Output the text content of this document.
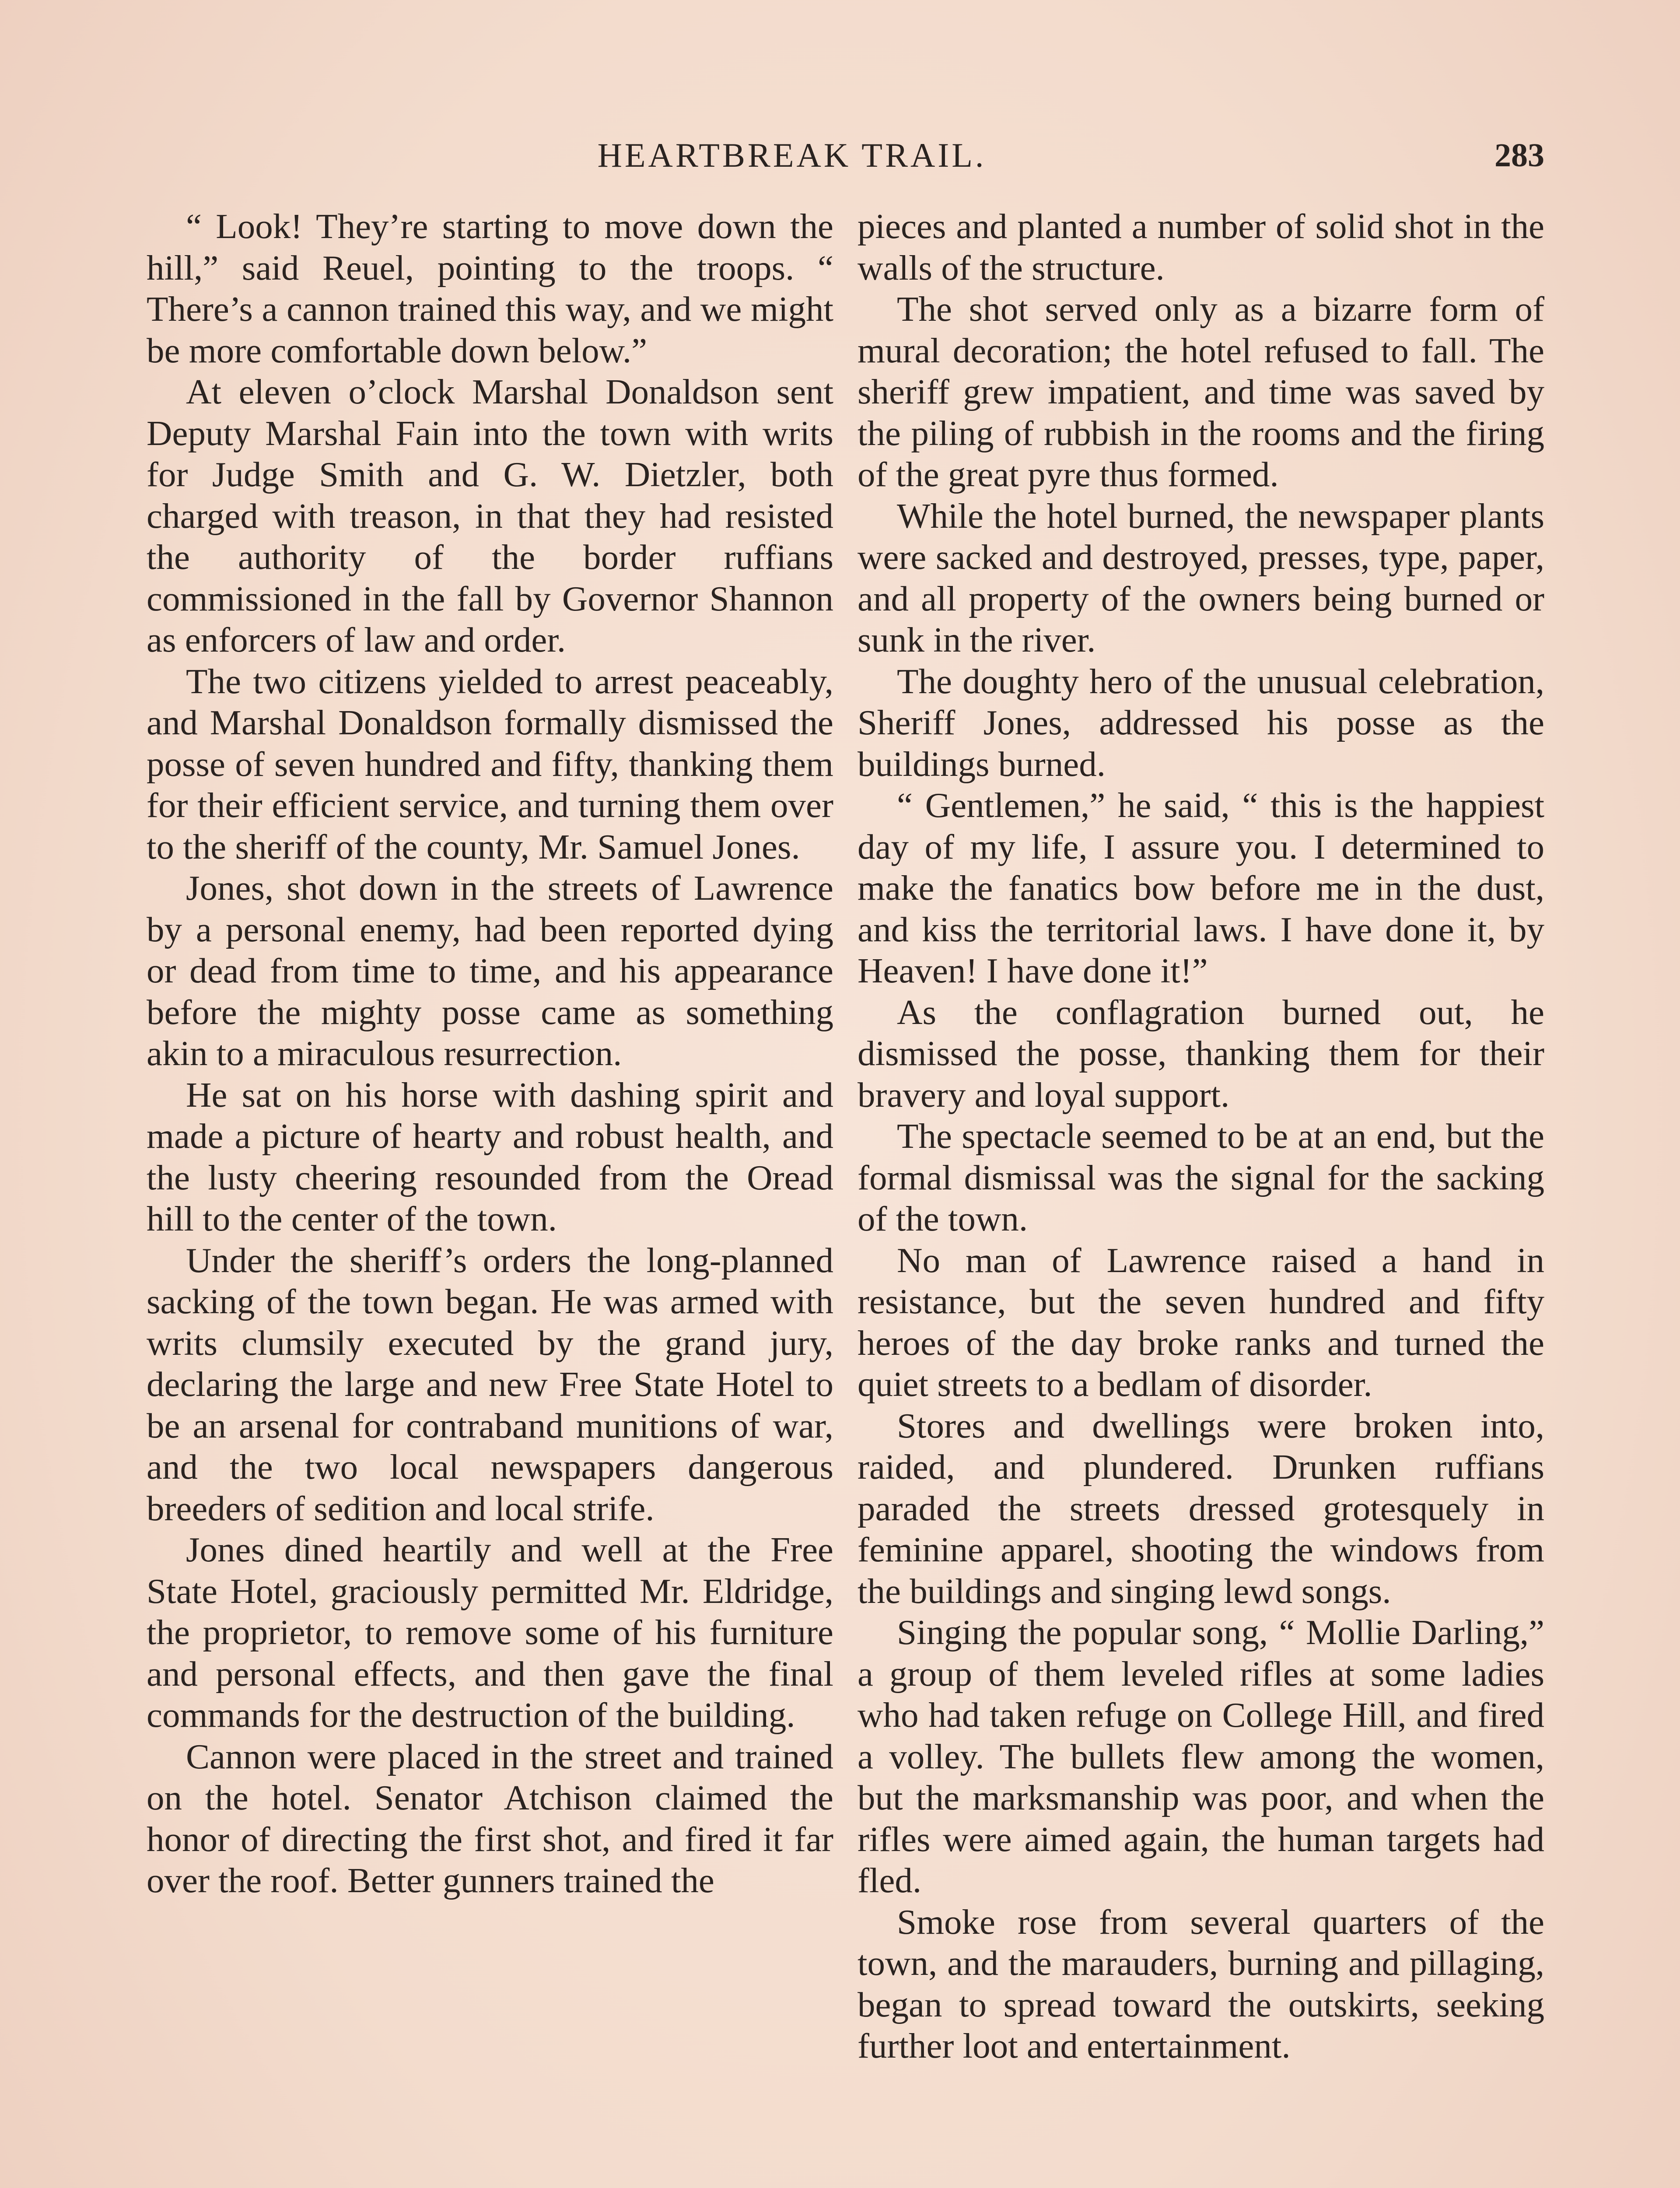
HEARTBREAK TRAIL.	283

“ Look! They’re starting to move down the hill,” said Reuel, pointing to the troops. “ There’s a cannon trained this way, and we might be more comfortable down below.”

At eleven o’clock Marshal Donaldson sent Deputy Marshal Fain into the town with writs for Judge Smith and G. W. Dietzler, both charged with treason, in that they had resisted the authority of the border ruffians commissioned in the fall by Governor Shannon as enforcers of law and order.

The two citizens yielded to arrest peaceably, and Marshal Donaldson formally dismissed the posse of seven hundred and fifty, thanking them for their efficient service, and turning them over to the sheriff of the county, Mr. Samuel Jones.

Jones, shot down in the streets of Lawrence by a personal enemy, had been reported dying or dead from time to time, and his appearance before the mighty posse came as something akin to a miraculous resurrection.

He sat on his horse with dashing spirit and made a picture of hearty and robust health, and the lusty cheering resounded from the Oread hill to the center of the town.

Under the sheriff’s orders the long-planned sacking of the town began. He was armed with writs clumsily executed by the grand jury, declaring the large and new Free State Hotel to be an arsenal for contraband munitions of war, and the two local newspapers dangerous breeders of sedition and local strife.

Jones dined heartily and well at the Free State Hotel, graciously permitted Mr. Eldridge, the proprietor, to remove some of his furniture and personal effects, and then gave the final commands for the destruction of the building.

Cannon were placed in the street and trained on the hotel. Senator Atchison claimed the honor of directing the first shot, and fired it far over the roof. Better gunners trained the

pieces and planted a number of solid shot in the walls of the structure.

The shot served only as a bizarre form of mural decoration; the hotel refused to fall. The sheriff grew impatient, and time was saved by the piling of rubbish in the rooms and the firing of the great pyre thus formed.

While the hotel burned, the newspaper plants were sacked and destroyed, presses, type, paper, and all property of the owners being burned or sunk in the river.

The doughty hero of the unusual celebration, Sheriff Jones, addressed his posse as the buildings burned.

“ Gentlemen,” he said, “ this is the happiest day of my life, I assure you. I determined to make the fanatics bow before me in the dust, and kiss the territorial laws. I have done it, by Heaven! I have done it!”

As the conflagration burned out, he dismissed the posse, thanking them for their bravery and loyal support.

The spectacle seemed to be at an end, but the formal dismissal was the signal for the sacking of the town.

No man of Lawrence raised a hand in resistance, but the seven hundred and fifty heroes of the day broke ranks and turned the quiet streets to a bedlam of disorder.

Stores and dwellings were broken into, raided, and plundered. Drunken ruffians paraded the streets dressed grotesquely in feminine apparel, shooting the windows from the buildings and singing lewd songs.

Singing the popular song, “ Mollie Darling,” a group of them leveled rifles at some ladies who had taken refuge on College Hill, and fired a volley. The bullets flew among the women, but the marksmanship was poor, and when the rifles were aimed again, the human targets had fled.

Smoke rose from several quarters of the town, and the marauders, burning and pillaging, began to spread toward the outskirts, seeking further loot and entertainment.
